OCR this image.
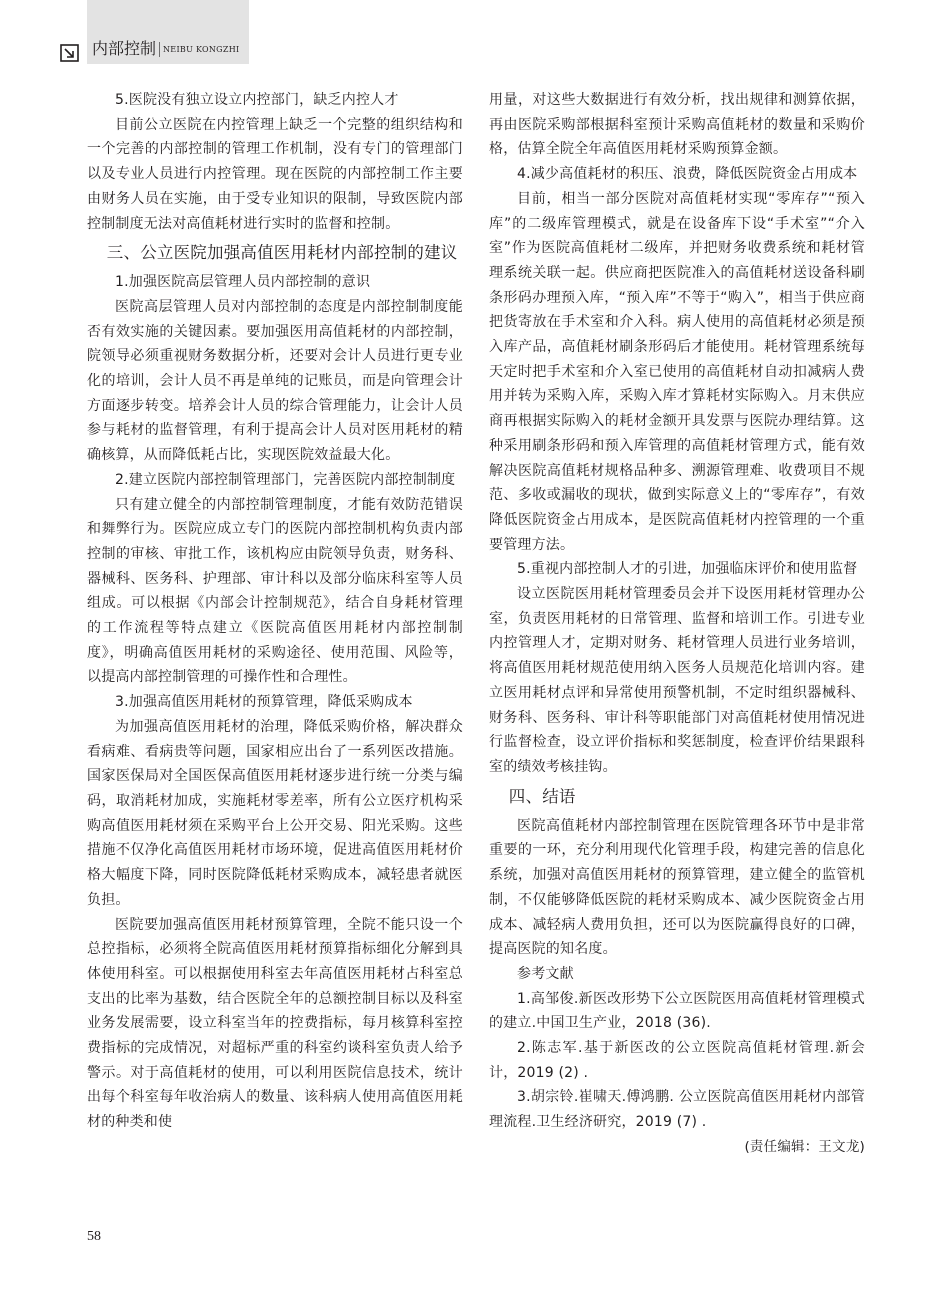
内部控制 NEIBU KONGZHI

5.医院没有独立设立内控部门，缺乏内控人才

目前公立医院在内控管理上缺乏一个完整的组织结构和一个完善的内部控制的管理工作机制，没有专门的管理部门以及专业人员进行内控管理。现在医院的内部控制工作主要由财务人员在实施，由于受专业知识的限制，导致医院内部控制制度无法对高值耗材进行实时的监督和控制。

三、公立医院加强高值医用耗材内部控制的建议

1.加强医院高层管理人员内部控制的意识

医院高层管理人员对内部控制的态度是内部控制制度能否有效实施的关键因素。要加强医用高值耗材的内部控制，院领导必须重视财务数据分析，还要对会计人员进行更专业化的培训，会计人员不再是单纯的记账员，而是向管理会计方面逐步转变。培养会计人员的综合管理能力，让会计人员参与耗材的监督管理，有利于提高会计人员对医用耗材的精确核算，从而降低耗占比，实现医院效益最大化。

2.建立医院内部控制管理部门，完善医院内部控制制度

只有建立健全的内部控制管理制度，才能有效防范错误和舞弊行为。医院应成立专门的医院内部控制机构负责内部控制的审核、审批工作，该机构应由院领导负责，财务科、器械科、医务科、护理部、审计科以及部分临床科室等人员组成。可以根据《内部会计控制规范》，结合自身耗材管理的工作流程等特点建立《医院高值医用耗材内部控制制度》，明确高值医用耗材的采购途径、使用范围、风险等，以提高内部控制管理的可操作性和合理性。

3.加强高值医用耗材的预算管理，降低采购成本

为加强高值医用耗材的治理，降低采购价格，解决群众看病难、看病贵等问题，国家相应出台了一系列医改措施。国家医保局对全国医保高值医用耗材逐步进行统一分类与编码，取消耗材加成，实施耗材零差率，所有公立医疗机构采购高值医用耗材须在采购平台上公开交易、阳光采购。这些措施不仅净化高值医用耗材市场环境，促进高值医用耗材价格大幅度下降，同时医院降低耗材采购成本，减轻患者就医负担。

医院要加强高值医用耗材预算管理，全院不能只设一个总控指标，必须将全院高值医用耗材预算指标细化分解到具体使用科室。可以根据使用科室去年高值医用耗材占科室总支出的比率为基数，结合医院全年的总额控制目标以及科室业务发展需要，设立科室当年的控费指标，每月核算科室控费指标的完成情况，对超标严重的科室约谈科室负责人给予警示。对于高值耗材的使用，可以利用医院信息技术，统计出每个科室每年收治病人的数量、该科病人使用高值医用耗材的种类和使

用量，对这些大数据进行有效分析，找出规律和测算依据，再由医院采购部根据科室预计采购高值耗材的数量和采购价格，估算全院全年高值医用耗材采购预算金额。

4.减少高值耗材的积压、浪费，降低医院资金占用成本

目前，相当一部分医院对高值耗材实现“零库存”“预入库”的二级库管理模式，就是在设备库下设“手术室”“介入室”作为医院高值耗材二级库，并把财务收费系统和耗材管理系统关联一起。供应商把医院准入的高值耗材送设备科刷条形码办理预入库，“预入库”不等于“购入”，相当于供应商把货寄放在手术室和介入科。病人使用的高值耗材必须是预入库产品，高值耗材刷条形码后才能使用。耗材管理系统每天定时把手术室和介入室已使用的高值耗材自动扣减病人费用并转为采购入库，采购入库才算耗材实际购入。月末供应商再根据实际购入的耗材金额开具发票与医院办理结算。这种采用刷条形码和预入库管理的高值耗材管理方式，能有效解决医院高值耗材规格品种多、溯源管理难、收费项目不规范、多收或漏收的现状，做到实际意义上的“零库存”，有效降低医院资金占用成本，是医院高值耗材内控管理的一个重要管理方法。

5.重视内部控制人才的引进，加强临床评价和使用监督

设立医院医用耗材管理委员会并下设医用耗材管理办公室，负责医用耗材的日常管理、监督和培训工作。引进专业内控管理人才，定期对财务、耗材管理人员进行业务培训，将高值医用耗材规范使用纳入医务人员规范化培训内容。建立医用耗材点评和异常使用预警机制，不定时组织器械科、财务科、医务科、审计科等职能部门对高值耗材使用情况进行监督检查，设立评价指标和奖惩制度，检查评价结果跟科室的绩效考核挂钩。

四、结语

医院高值耗材内部控制管理在医院管理各环节中是非常重要的一环，充分利用现代化管理手段，构建完善的信息化系统，加强对高值医用耗材的预算管理，建立健全的监管机制，不仅能够降低医院的耗材采购成本、减少医院资金占用成本、减轻病人费用负担，还可以为医院赢得良好的口碑，提高医院的知名度。

参考文献

1.高邹俊.新医改形势下公立医院医用高值耗材管理模式的建立.中国卫生产业，2018 (36).

2.陈志军.基于新医改的公立医院高值耗材管理.新会计，2019 (2) .

3.胡宗铃.崔啸天.傅鸿鹏. 公立医院高值医用耗材内部管理流程.卫生经济研究，2019 (7) .

(责任编辑：王文龙)

58
